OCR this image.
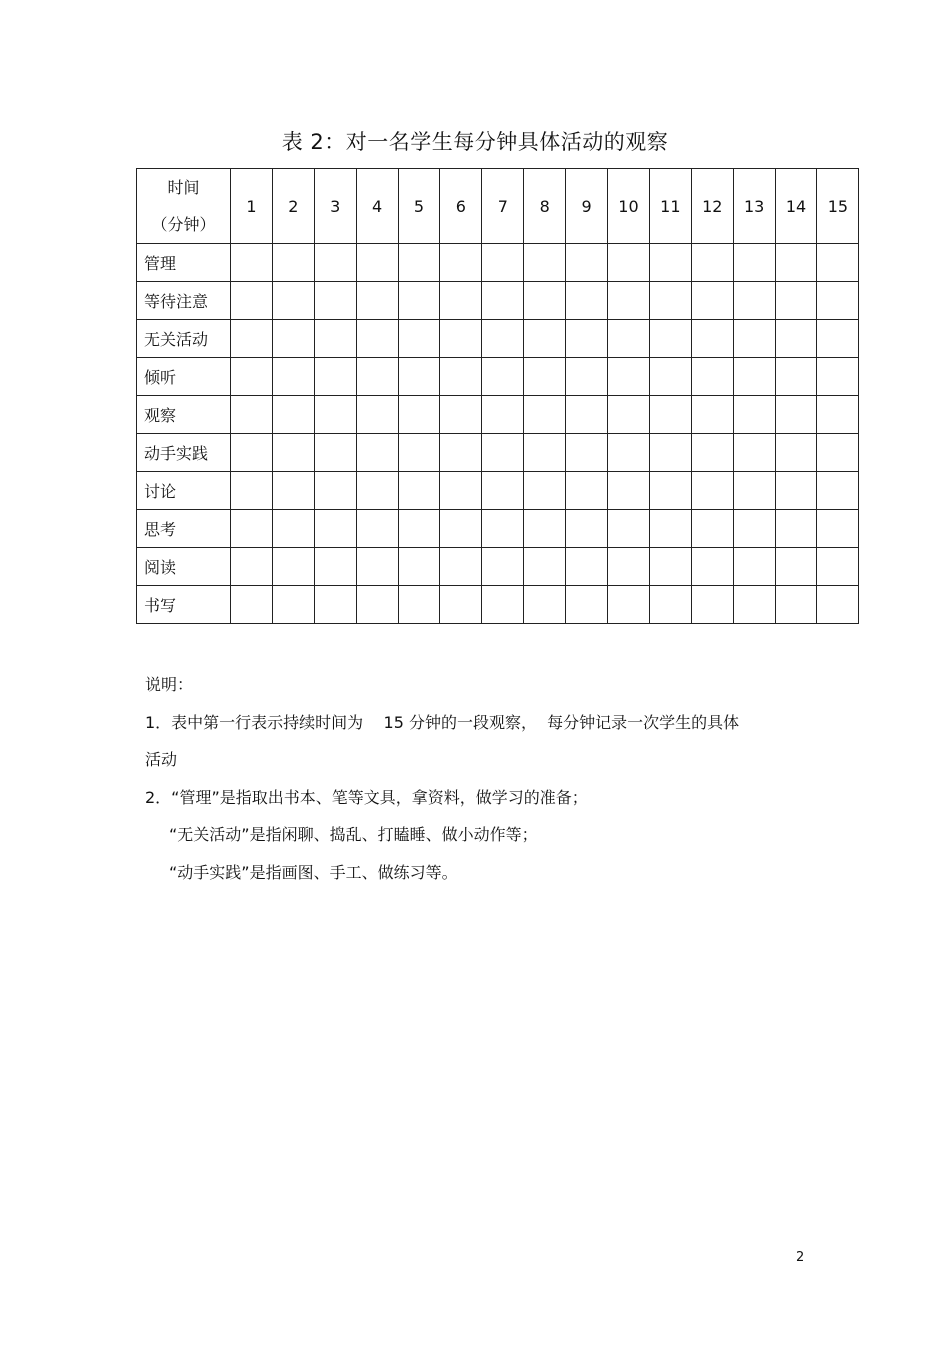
表 2：对一名学生每分钟具体活动的观察
时间
（分钟）	1	2	3	4	5	6	7	8	9	10	11	12	13	14	15
管理															
等待注意															
无关活动															
倾听															
观察															
动手实践															
讨论															
思考															
阅读															
书写															
说明：
1．表中第一行表示持续时间为    15 分钟的一段观察，  每分钟记录一次学生的具体
活动
2．“管理”是指取出书本、笔等文具，拿资料，做学习的准备；
“无关活动”是指闲聊、捣乱、打瞌睡、做小动作等；
“动手实践”是指画图、手工、做练习等。
2
